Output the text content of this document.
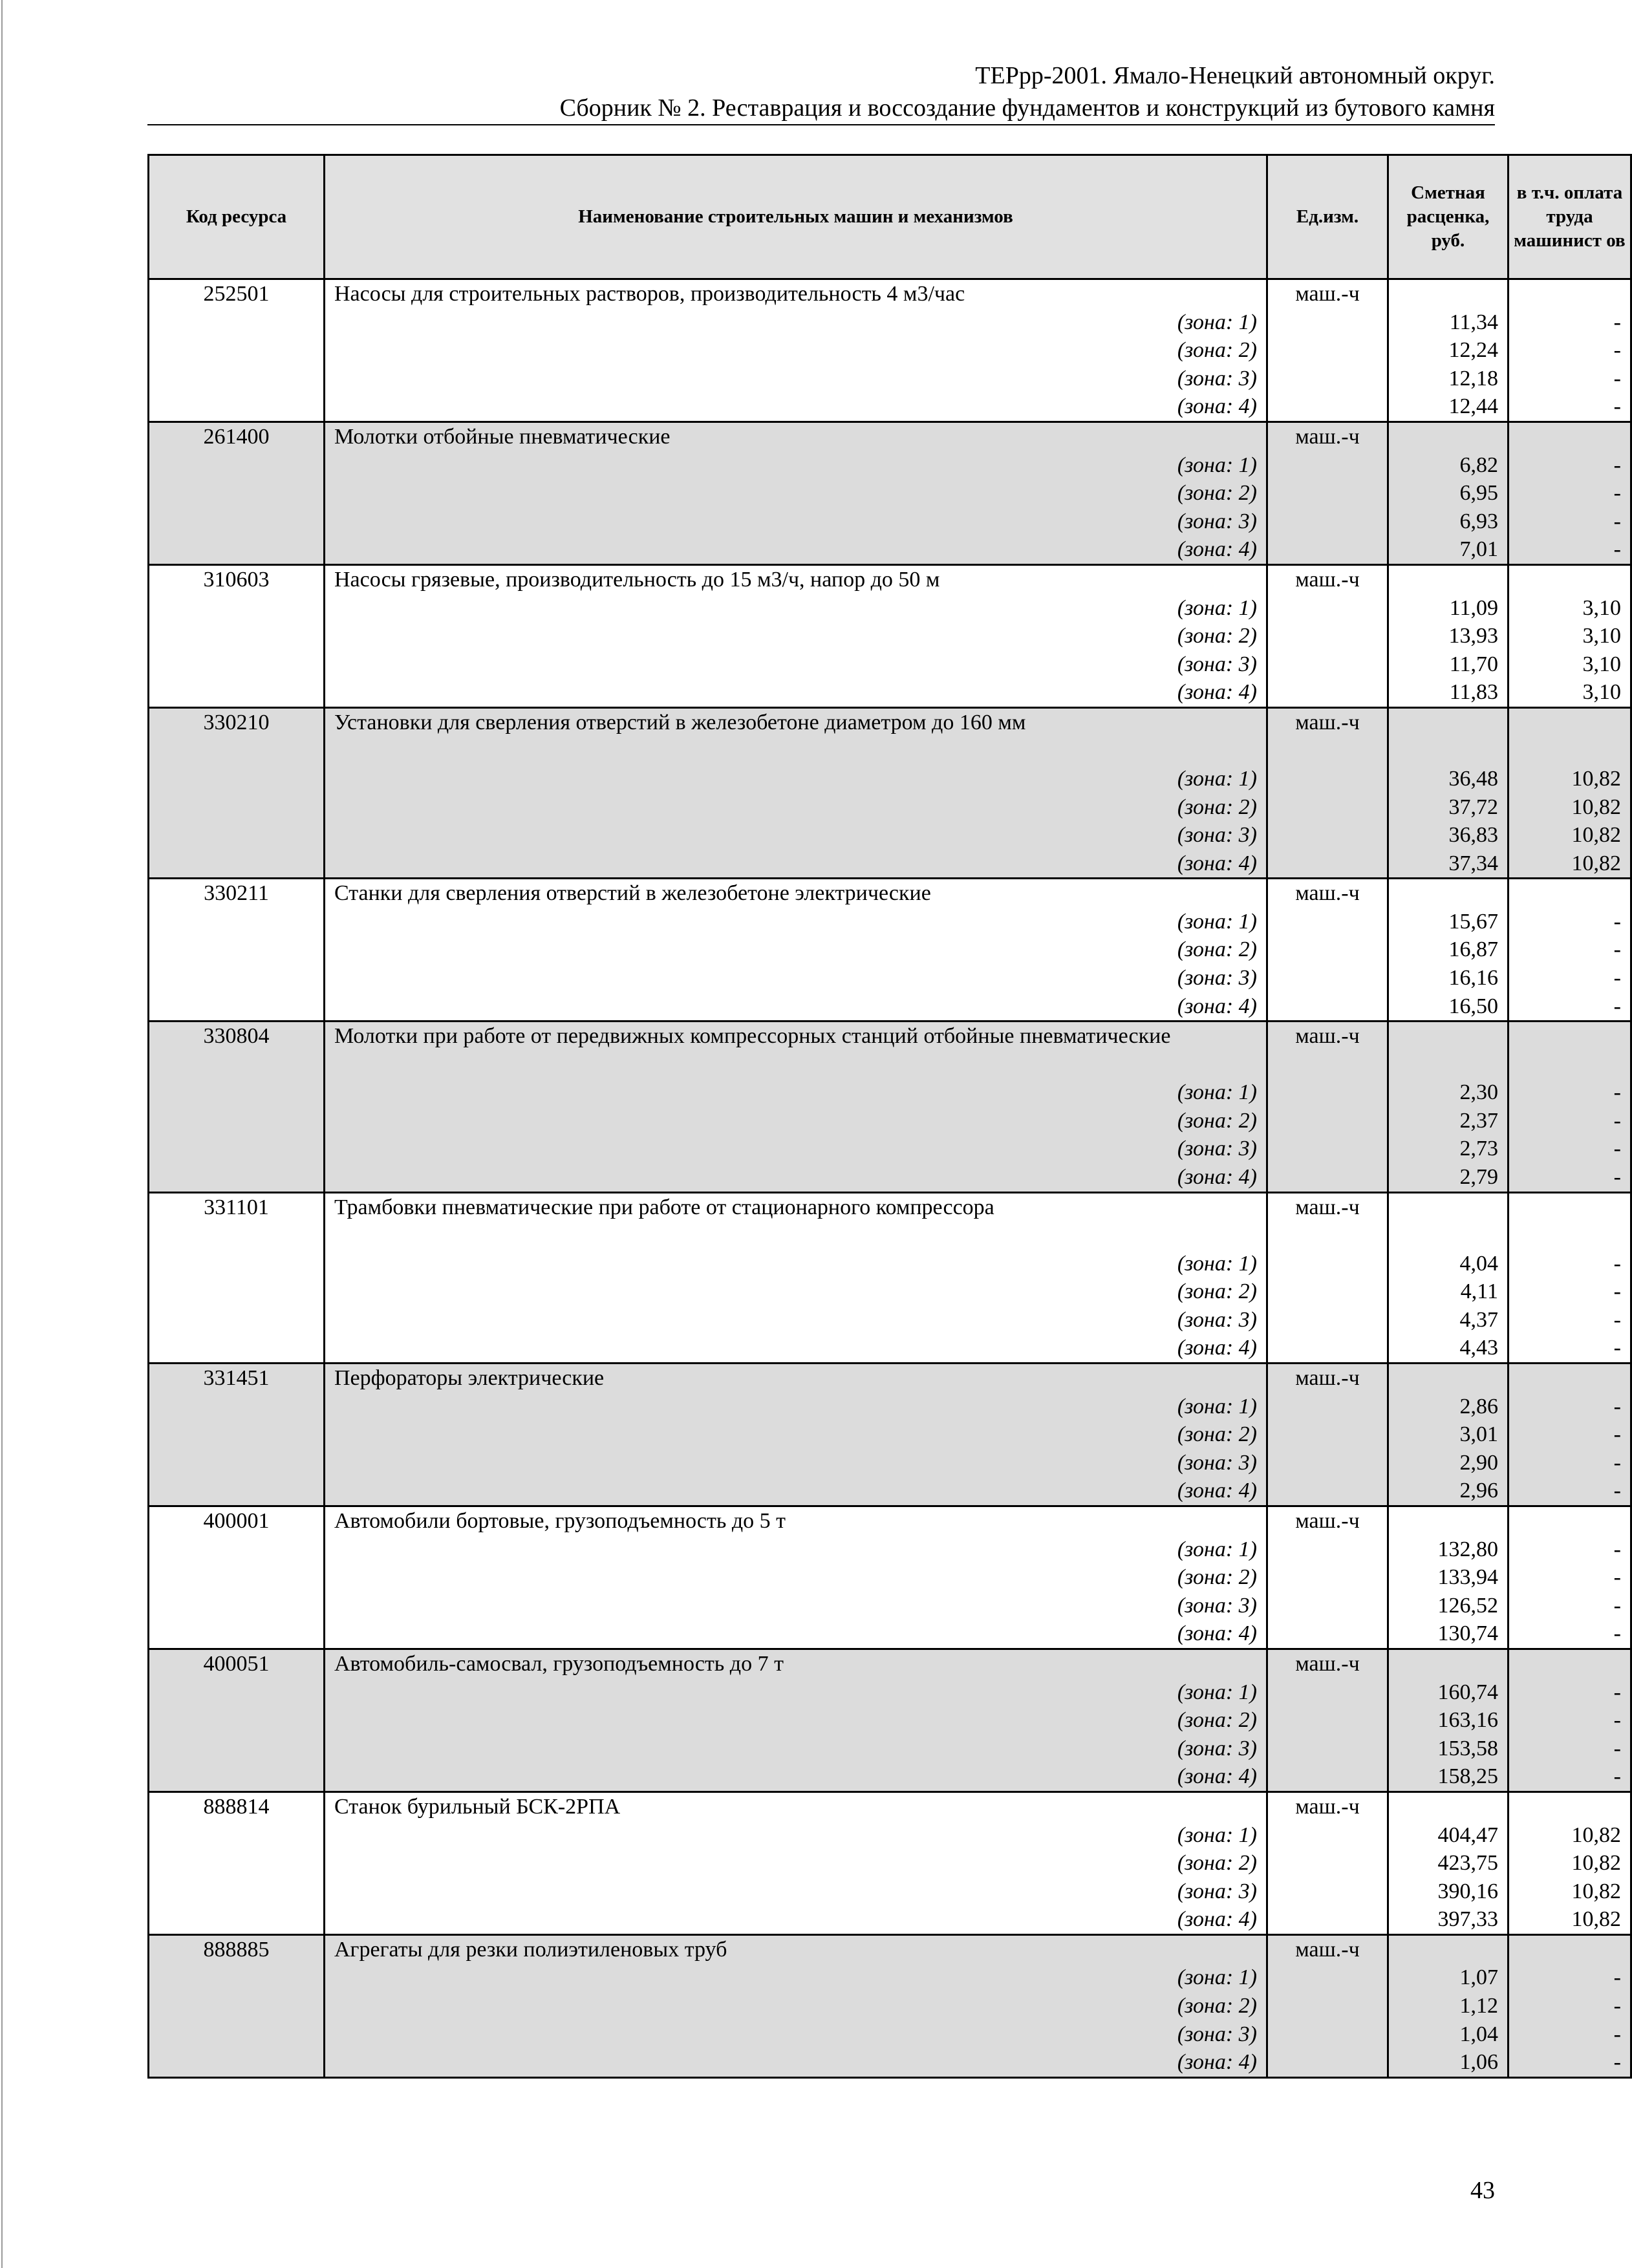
ТЕРрр-2001. Ямало-Ненецкий автономный округ.
Сборник № 2. Реставрация и воссоздание фундаментов и конструкций из бутового камня
Код ресурса	Наименование строительных машин и механизмов	Ед.изм.	Сметная расценка, руб.	в т.ч. оплата труда машинист ов
252501	Насосы для строительных растворов, производительность 4 м3/час	маш.-ч		
	(зона: 1)		11,34	-
	(зона: 2)		12,24	-
	(зона: 3)		12,18	-
	(зона: 4)		12,44	-
261400	Молотки отбойные пневматические	маш.-ч		
	(зона: 1)		6,82	-
	(зона: 2)		6,95	-
	(зона: 3)		6,93	-
	(зона: 4)		7,01	-
310603	Насосы грязевые, производительность до 15 м3/ч, напор до 50 м	маш.-ч		
	(зона: 1)		11,09	3,10
	(зона: 2)		13,93	3,10
	(зона: 3)		11,70	3,10
	(зона: 4)		11,83	3,10
330210	Установки для сверления отверстий в железобетоне диаметром до 160 мм	маш.-ч		
	(зона: 1)		36,48	10,82
	(зона: 2)		37,72	10,82
	(зона: 3)		36,83	10,82
	(зона: 4)		37,34	10,82
330211	Станки для сверления отверстий в железобетоне электрические	маш.-ч		
	(зона: 1)		15,67	-
	(зона: 2)		16,87	-
	(зона: 3)		16,16	-
	(зона: 4)		16,50	-
330804	Молотки при работе от передвижных компрессорных станций отбойные пневматические	маш.-ч		
	(зона: 1)		2,30	-
	(зона: 2)		2,37	-
	(зона: 3)		2,73	-
	(зона: 4)		2,79	-
331101	Трамбовки пневматические при работе от стационарного компрессора	маш.-ч		
	(зона: 1)		4,04	-
	(зона: 2)		4,11	-
	(зона: 3)		4,37	-
	(зона: 4)		4,43	-
331451	Перфораторы электрические	маш.-ч		
	(зона: 1)		2,86	-
	(зона: 2)		3,01	-
	(зона: 3)		2,90	-
	(зона: 4)		2,96	-
400001	Автомобили бортовые, грузоподъемность до 5 т	маш.-ч		
	(зона: 1)		132,80	-
	(зона: 2)		133,94	-
	(зона: 3)		126,52	-
	(зона: 4)		130,74	-
400051	Автомобиль-самосвал, грузоподъемность до 7 т	маш.-ч		
	(зона: 1)		160,74	-
	(зона: 2)		163,16	-
	(зона: 3)		153,58	-
	(зона: 4)		158,25	-
888814	Станок бурильный БСК-2РПА	маш.-ч		
	(зона: 1)		404,47	10,82
	(зона: 2)		423,75	10,82
	(зона: 3)		390,16	10,82
	(зона: 4)		397,33	10,82
888885	Агрегаты для резки полиэтиленовых труб	маш.-ч		
	(зона: 1)		1,07	-
	(зона: 2)		1,12	-
	(зона: 3)		1,04	-
	(зона: 4)		1,06	-
43
